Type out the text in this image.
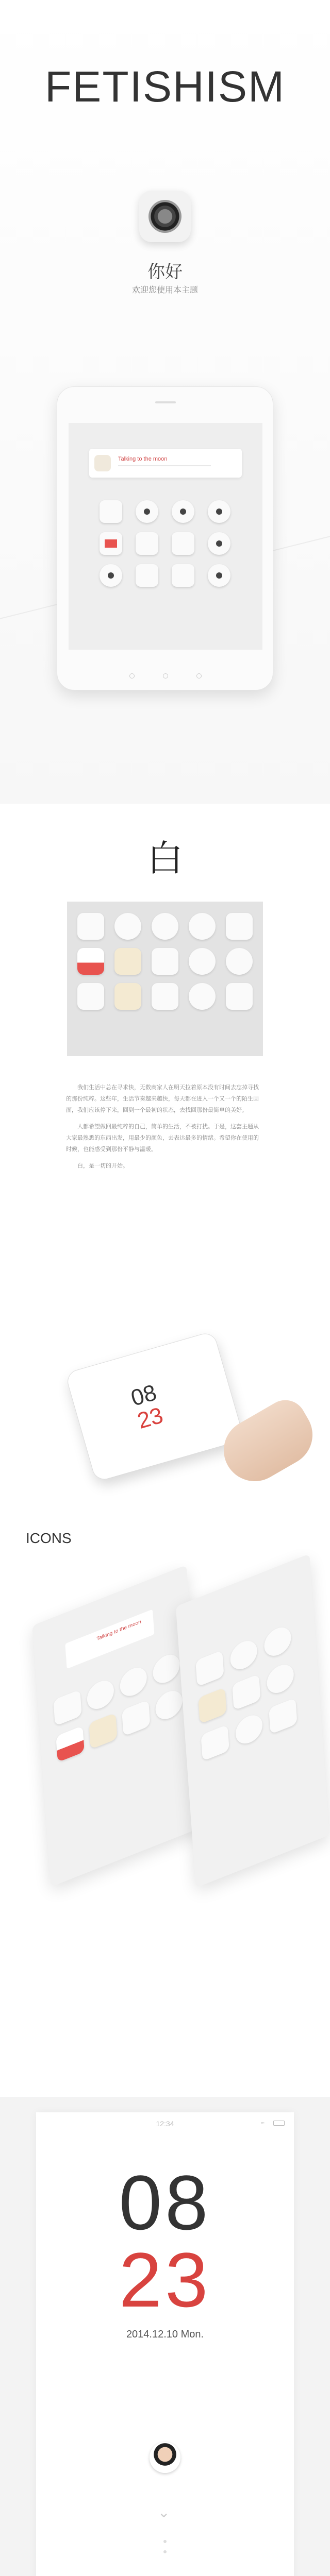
FETISHISM
你好
欢迎您使用本主题
Talking to the moon
白

我们生活中总在寻求快，无数商家人在明天拉着原本没有时间去忘掉寻找的那份纯粹。这些年，生活节奏越来越快，每天都在进入一个又一个的陌生画面，我们应该停下来，回到一个最初的状态，去找回那份最简单的美好。

人都希望做回最纯粹的自己，简单的生活，不被打扰。于是，这套主题从大家最熟悉的东西出发，用最少的颜色，去表达最多的情绪。希望你在使用的时候，也能感受到那份平静与温暖。

白，是一切的开始。

08
23
ICONS
Talking to the moon
12:34	≈
08
23
2014.12.10 Mon.
⌄
